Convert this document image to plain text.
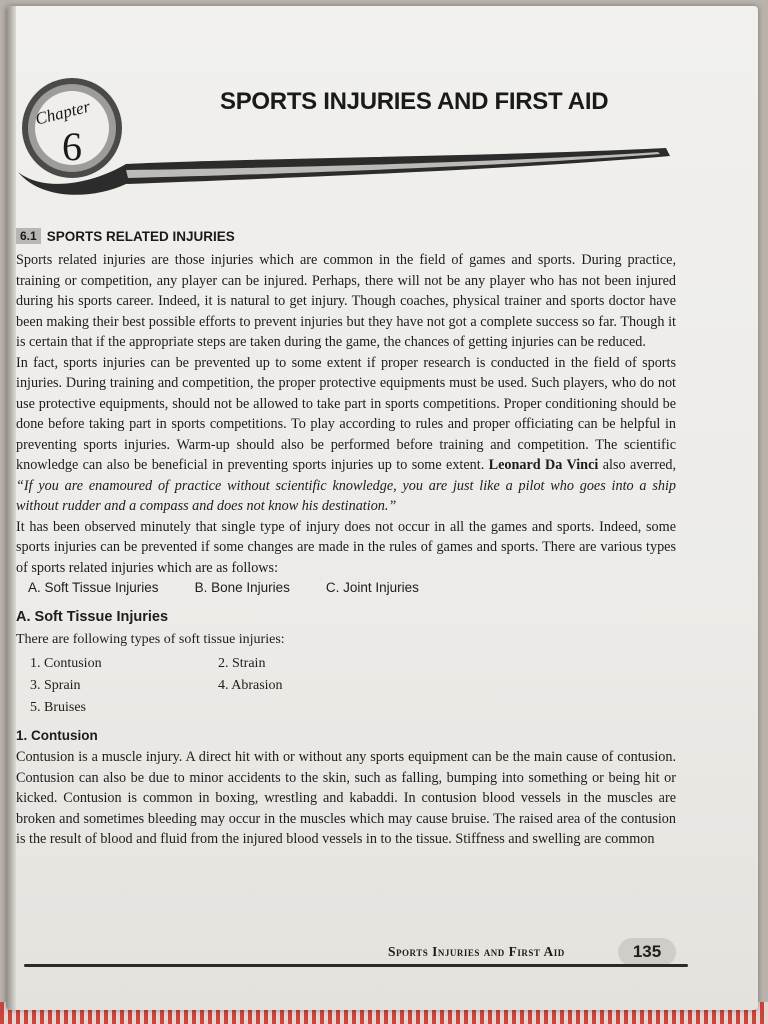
Chapter
6
SPORTS INJURIES AND FIRST AID
6.1 SPORTS RELATED INJURIES

Sports related injuries are those injuries which are common in the field of games and sports. During practice, training or competition, any player can be injured. Perhaps, there will not be any player who has not been injured during his sports career. Indeed, it is natural to get injury. Though coaches, physical trainer and sports doctor have been making their best possible efforts to prevent injuries but they have not got a complete success so far. Though it is certain that if the appropriate steps are taken during the game, the chances of getting injuries can be reduced.

In fact, sports injuries can be prevented up to some extent if proper research is conducted in the field of sports injuries. During training and competition, the proper protective equipments must be used. Such players, who do not use protective equipments, should not be allowed to take part in sports competitions. Proper conditioning should be done before taking part in sports competitions. To play according to rules and proper officiating can be helpful in preventing sports injuries. Warm-up should also be performed before training and competition. The scientific knowledge can also be beneficial in preventing sports injuries up to some extent. Leonard Da Vinci also averred, “If you are enamoured of practice without scientific knowledge, you are just like a pilot who goes into a ship without rudder and a compass and does not know his destination.”

It has been observed minutely that single type of injury does not occur in all the games and sports. Indeed, some sports injuries can be prevented if some changes are made in the rules of games and sports. There are various types of sports related injuries which are as follows:

A. Soft Tissue Injuries	B. Bone Injuries	C. Joint Injuries
A. Soft Tissue Injuries

There are following types of soft tissue injuries:

1. Contusion	2. Strain
3. Sprain	4. Abrasion
5. Bruises
1. Contusion

Contusion is a muscle injury. A direct hit with or without any sports equipment can be the main cause of contusion. Contusion can also be due to minor accidents to the skin, such as falling, bumping into something or being hit or kicked. Contusion is common in boxing, wrestling and kabaddi. In contusion blood vessels in the muscles are broken and sometimes bleeding may occur in the muscles which may cause bruise. The raised area of the contusion is the result of blood and fluid from the injured blood vessels in to the tissue. Stiffness and swelling are common

Sports Injuries and First Aid	135
